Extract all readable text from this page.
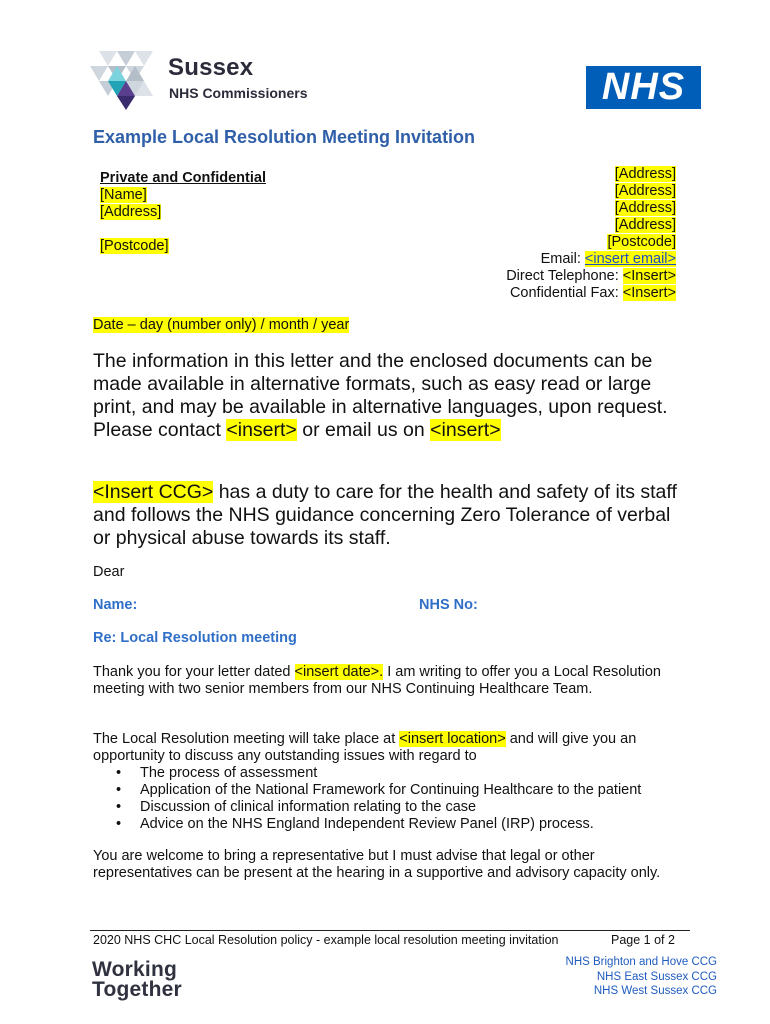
Sussex
NHS Commissioners	NHS
Example Local Resolution Meeting Invitation
Private and Confidential
[Name]
[Address]
[Postcode]
[Address]
[Address]
[Address]
[Address]
[Postcode]
Email: <insert email>
Direct Telephone: <Insert>
Confidential Fax: <Insert>
Date – day (number only) / month / year
The information in this letter and the enclosed documents can be made available in alternative formats, such as easy read or large print, and may be available in alternative languages, upon request. Please contact <insert> or email us on <insert>
<Insert CCG> has a duty to care for the health and safety of its staff and follows the NHS guidance concerning Zero Tolerance of verbal or physical abuse towards its staff.
Dear
Name:	NHS No:
Re: Local Resolution meeting
Thank you for your letter dated <insert date>. I am writing to offer you a Local Resolution meeting with two senior members from our NHS Continuing Healthcare Team.
The Local Resolution meeting will take place at <insert location> and will give you an opportunity to discuss any outstanding issues with regard to
• The process of assessment
• Application of the National Framework for Continuing Healthcare to the patient
• Discussion of clinical information relating to the case
• Advice on the NHS England Independent Review Panel (IRP) process.
You are welcome to bring a representative but I must advise that legal or other representatives can be present at the hearing in a supportive and advisory capacity only.
2020 NHS CHC Local Resolution policy - example local resolution meeting invitation	Page 1 of 2
Working
Together
NHS Brighton and Hove CCG
NHS East Sussex CCG
NHS West Sussex CCG
